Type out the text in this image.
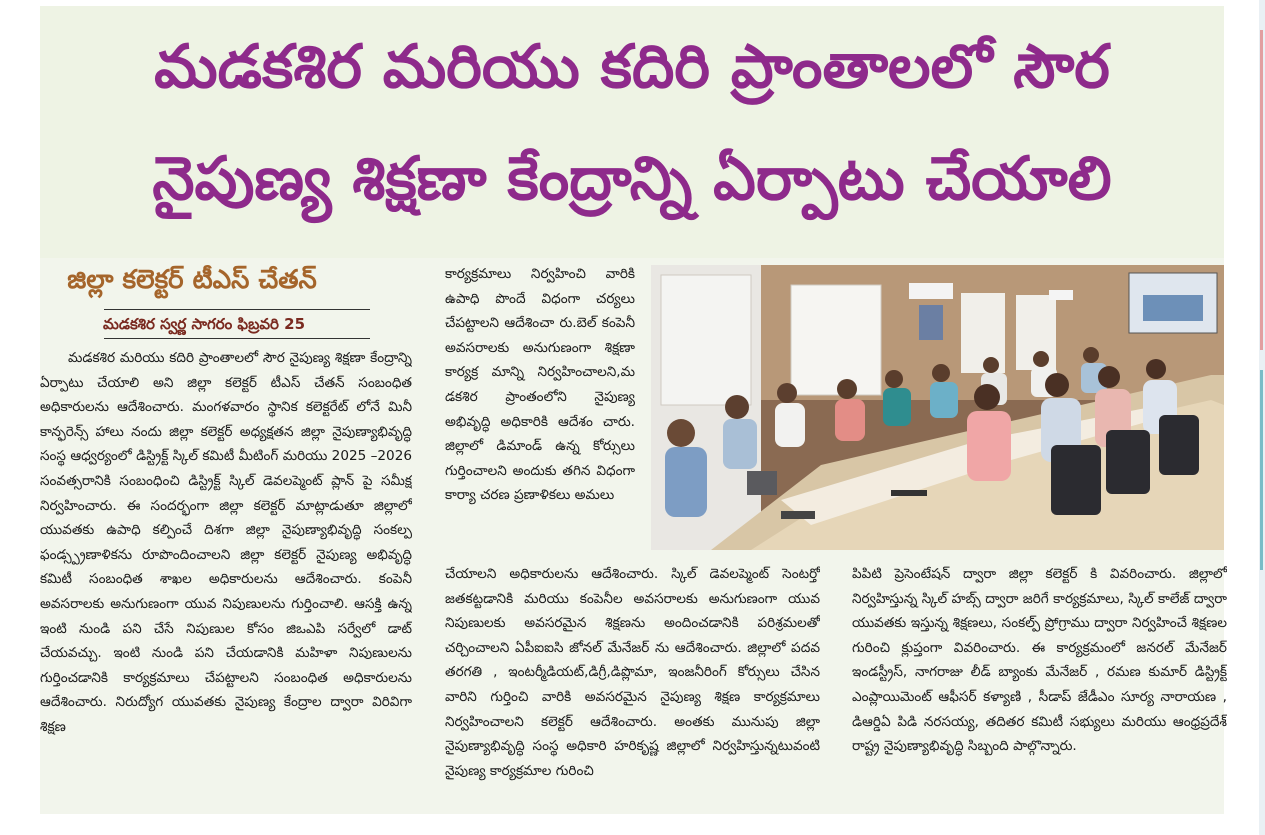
మడకశిర మరియు కదిరి ప్రాంతాలలో సౌర
నైపుణ్య శిక్షణా కేంద్రాన్ని ఏర్పాటు చేయాలి
జిల్లా కలెక్టర్ టీఎస్ చేతన్
మడకశిర స్వర్ణ సాగరం ఫిబ్రవరి 25
మడకశిర మరియు కదిరి ప్రాంతాలలో సౌర నైపుణ్య శిక్షణా కేంద్రాన్ని ఏర్పాటు చేయాలి అని జిల్లా కలెక్టర్ టీఎస్ చేతన్ సంబంధిత అధికారులను ఆదేశించారు. మంగళవారం స్థానిక కలెక్టరేట్ లోనే మినీ కాన్ఫరెన్స్ హాలు నందు జిల్లా కలెక్టర్ అధ్యక్షతన జిల్లా నైపుణ్యాభివృద్ధి సంస్థ ఆధ్వర్యంలో డిస్ట్రిక్ట్ స్కిల్ కమిటీ మీటింగ్ మరియు 2025 –2026 సంవత్సరానికి సంబంధించి డిస్ట్రిక్ట్ స్కిల్ డెవలప్మెంట్ ప్లాన్ పై సమీక్ష నిర్వహించారు. ఈ సందర్భంగా జిల్లా కలెక్టర్ మాట్లాడుతూ జిల్లాలో యువతకు ఉపాధి కల్పించే దిశగా జిల్లా నైపుణ్యాభివృద్ధి సంకల్ప ఫండ్స్ప్రణాళికను రూపొందించాలని జిల్లా కలెక్టర్ నైపుణ్య అభివృద్ధి కమిటీ సంబంధిత శాఖల అధికారులను ఆదేశించారు. కంపెనీ అవసరాలకు అనుగుణంగా యువ నిపుణులను గుర్తించాలి. ఆసక్తి ఉన్న ఇంటి నుండి పని చేసే నిపుణుల కోసం జిఒఎపి సర్వేలో డాట్ చేయవచ్చు. ఇంటి నుండి పని చేయడానికి మహిళా నిపుణులను గుర్తించడానికి కార్యక్రమాలు చేపట్టాలని సంబంధిత అధికారులను ఆదేశించారు. నిరుద్యోగ యువతకు నైపుణ్య కేంద్రాల ద్వారా విరివిగా శిక్షణ
కార్యక్రమాలు నిర్వహించి వారికి ఉపాధి పొందే విధంగా చర్యలు చేపట్టాలని ఆదేశించా రు.బెల్ కంపెనీ అవసరాలకు అనుగుణంగా శిక్షణా కార్యక్ర మాన్ని నిర్వహించాలని,మ డకశిర ప్రాంతంలోని నైపుణ్య అభివృద్ధి అధికారికి ఆదేశం చారు. జిల్లాలో డిమాండ్ ఉన్న కోర్సులు గుర్తించాలని అందుకు తగిన విధంగా కార్యా చరణ ప్రణాళికలు అమలు
చేయాలని అధికారులను ఆదేశించారు. స్కిల్ డెవలప్మెంట్ సెంటర్తో జతకట్టడానికి మరియు కంపెనీల అవసరాలకు అనుగుణంగా యువ నిపుణులకు అవసరమైన శిక్షణను అందించడానికి పరిశ్రమలతో చర్చించాలని ఏపీఐఐసి జోనల్ మేనేజర్ ను ఆదేశించారు. జిల్లాలో పదవ తరగతి , ఇంటర్మీడియట్,డిగ్రీ,డిప్లొమా, ఇంజనీరింగ్ కోర్సులు చేసిన వారిని గుర్తించి వారికి అవసరమైన నైపుణ్య శిక్షణ కార్యక్రమాలు నిర్వహించాలని కలెక్టర్ ఆదేశించారు. అంతకు మునుపు జిల్లా నైపుణ్యాభివృద్ధి సంస్థ అధికారి హరికృష్ణ జిల్లాలో నిర్వహిస్తున్నటువంటి నైపుణ్య కార్యక్రమాల గురించి
పిపిటి ప్రెసెంటేషన్ ద్వారా జిల్లా కలెక్టర్ కి వివరించారు. జిల్లాలో నిర్వహిస్తున్న స్కిల్ హబ్స్ ద్వారా జరిగే కార్యక్రమాలు, స్కిల్ కాలేజ్ ద్వారా యువతకు ఇస్తున్న శిక్షణలు, సంకల్ప్ ప్రోగ్రాము ద్వారా నిర్వహించే శిక్షణల గురించి క్లుప్తంగా వివరించారు. ఈ కార్యక్రమంలో జనరల్ మేనేజర్ ఇండస్ట్రీస్, నాగరాజు లీడ్ బ్యాంకు మేనేజర్ , రమణ కుమార్ డిస్ట్రిక్ట్ ఎంప్లాయిమెంట్ ఆఫీసర్ కళ్యాణి , సీడాప్ జేడీఎం సూర్య నారాయణ , డిఆర్డిఏ పిడి నరసయ్య, తదితర కమిటీ సభ్యులు మరియు ఆంధ్రప్రదేశ్ రాష్ట్ర నైపుణ్యాభివృద్ధి సిబ్బంది పాల్గొన్నారు.
